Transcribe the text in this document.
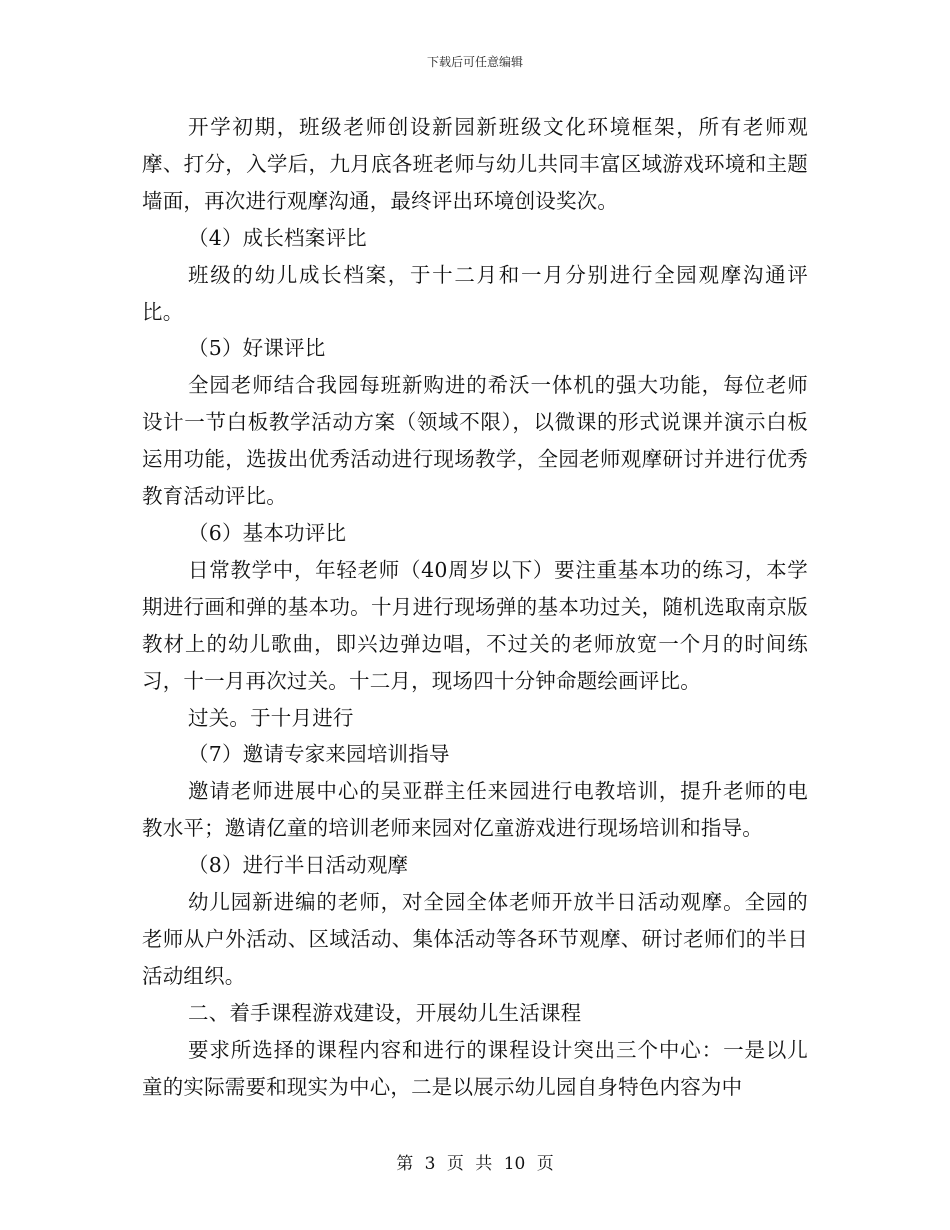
下载后可任意编辑

开学初期，班级老师创设新园新班级文化环境框架，所有老师观摩、打分，入学后，九月底各班老师与幼儿共同丰富区域游戏环境和主题墙面，再次进行观摩沟通，最终评出环境创设奖次。

（4）成长档案评比

班级的幼儿成长档案，于十二月和一月分别进行全园观摩沟通评比。

（5）好课评比

全园老师结合我园每班新购进的希沃一体机的强大功能，每位老师设计一节白板教学活动方案（领域不限），以微课的形式说课并演示白板运用功能，选拔出优秀活动进行现场教学，全园老师观摩研讨并进行优秀教育活动评比。

（6）基本功评比

日常教学中，年轻老师（40周岁以下）要注重基本功的练习，本学期进行画和弹的基本功。十月进行现场弹的基本功过关，随机选取南京版教材上的幼儿歌曲，即兴边弹边唱，不过关的老师放宽一个月的时间练习，十一月再次过关。十二月，现场四十分钟命题绘画评比。

过关。于十月进行

（7）邀请专家来园培训指导

邀请老师进展中心的吴亚群主任来园进行电教培训，提升老师的电教水平；邀请亿童的培训老师来园对亿童游戏进行现场培训和指导。

（8）进行半日活动观摩

幼儿园新进编的老师，对全园全体老师开放半日活动观摩。全园的老师从户外活动、区域活动、集体活动等各环节观摩、研讨老师们的半日活动组织。

二、着手课程游戏建设，开展幼儿生活课程

要求所选择的课程内容和进行的课程设计突出三个中心：一是以儿童的实际需要和现实为中心，二是以展示幼儿园自身特色内容为中

第 3 页 共 10 页
